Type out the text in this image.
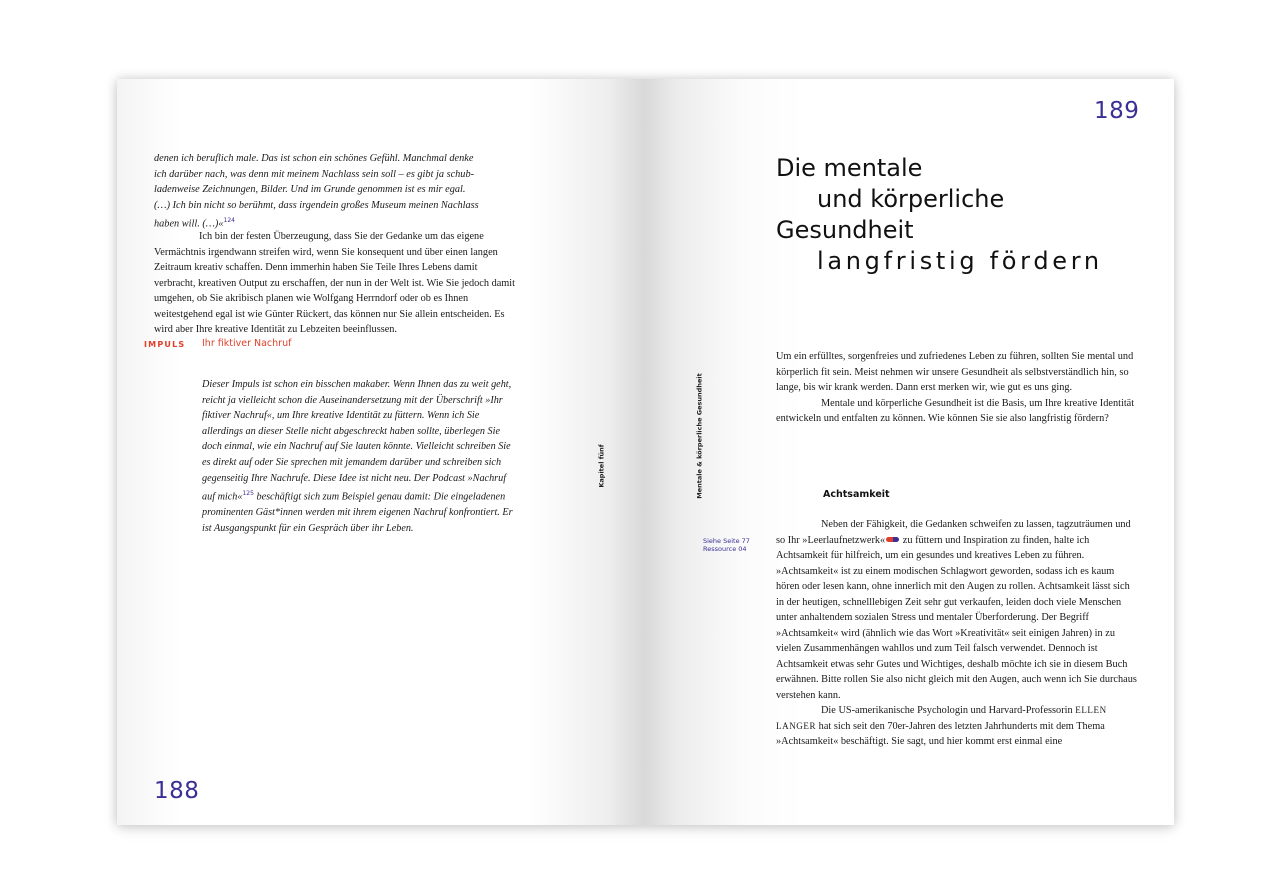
denen ich beruflich male. Das ist schon ein schönes Gefühl. Manchmal denke
ich darüber nach, was denn mit meinem Nachlass sein soll – es gibt ja schub-
ladenweise Zeichnungen, Bilder. Und im Grunde genommen ist es mir egal.
(…) Ich bin nicht so berühmt, dass irgendein großes Museum meinen Nachlass
haben will. (…)«$^{124}$

Ich bin der festen Überzeugung, dass Sie der Gedanke um das eigene Vermächtnis irgendwann streifen wird, wenn Sie konsequent und über einen langen Zeitraum kreativ schaffen. Denn immerhin haben Sie Teile Ihres Lebens damit verbracht, kreativen Output zu erschaffen, der nun in der Welt ist. Wie Sie jedoch damit umgehen, ob Sie akribisch planen wie Wolfgang Herrndorf oder ob es Ihnen weitestgehend egal ist wie Günter Rückert, das können nur Sie allein entscheiden. Es wird aber Ihre kreative Identität zu Lebzeiten beeinflussen.

IMPULS Ihr fiktiver Nachruf

Dieser Impuls ist schon ein bisschen makaber. Wenn Ihnen das zu weit geht, reicht ja vielleicht schon die Auseinandersetzung mit der Überschrift »Ihr fiktiver Nachruf«, um Ihre kreative Identität zu füttern. Wenn ich Sie allerdings an dieser Stelle nicht abgeschreckt haben sollte, überlegen Sie doch einmal, wie ein Nachruf auf Sie lauten könnte. Vielleicht schreiben Sie es direkt auf oder Sie sprechen mit jemandem darüber und schreiben sich gegenseitig Ihre Nachrufe. Diese Idee ist nicht neu. Der Podcast »Nachruf auf mich«$^{125}$ beschäftigt sich zum Beispiel genau damit: Die eingeladenen prominenten Gäst*innen werden mit ihrem eigenen Nachruf konfrontiert. Er ist Ausgangspunkt für ein Gespräch über ihr Leben.

Kapitel fünf
188
189
Mentale & körperliche Gesundheit
Die mentale
und körperliche
Gesundheit
langfristig fördern

Um ein erfülltes, sorgenfreies und zufriedenes Leben zu führen, sollten Sie mental und körperlich fit sein. Meist nehmen wir unsere Gesundheit als selbstverständlich hin, so lange, bis wir krank werden. Dann erst merken wir, wie gut es uns ging.

Mentale und körperliche Gesundheit ist die Basis, um Ihre kreative Identität entwickeln und entfalten zu können. Wie können Sie sie also langfristig fördern?

Achtsamkeit
Siehe Seite 77
Ressource 04

Neben der Fähigkeit, die Gedanken schweifen zu lassen, tagzuträumen und so Ihr »Leerlaufnetzwerk« zu füttern und Inspiration zu finden, halte ich Achtsamkeit für hilfreich, um ein gesundes und kreatives Leben zu führen. »Achtsamkeit« ist zu einem modischen Schlagwort geworden, sodass ich es kaum hören oder lesen kann, ohne innerlich mit den Augen zu rollen. Achtsamkeit lässt sich in der heutigen, schnelllebigen Zeit sehr gut verkaufen, leiden doch viele Menschen unter anhaltendem sozialen Stress und mentaler Überforderung. Der Begriff »Achtsamkeit« wird (ähnlich wie das Wort »Kreativität« seit einigen Jahren) in zu vielen Zusammenhängen wahllos und zum Teil falsch verwendet. Dennoch ist Achtsamkeit etwas sehr Gutes und Wichtiges, deshalb möchte ich sie in diesem Buch erwähnen. Bitte rollen Sie also nicht gleich mit den Augen, auch wenn ich Sie durchaus verstehen kann.

Die US-amerikanische Psychologin und Harvard-Professorin ELLEN LANGER hat sich seit den 70er-Jahren des letzten Jahrhunderts mit dem Thema »Achtsamkeit« beschäftigt. Sie sagt, und hier kommt erst einmal eine
